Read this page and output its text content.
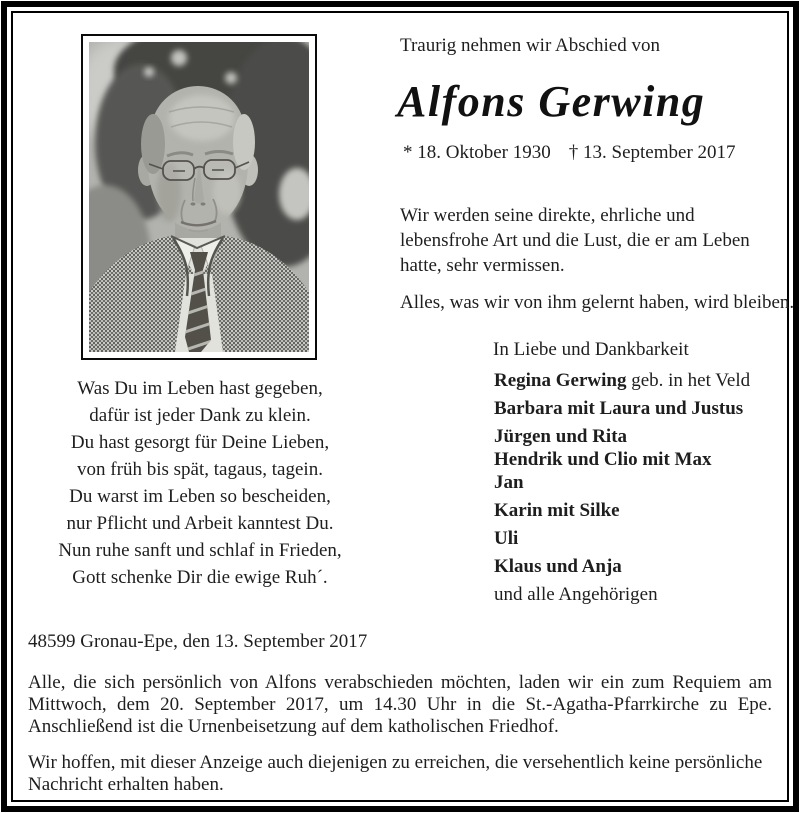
Was Du im Leben hast gegeben,
dafür ist jeder Dank zu klein.
Du hast gesorgt für Deine Lieben,
von früh bis spät, tagaus, tagein.
Du warst im Leben so bescheiden,
nur Pflicht und Arbeit kanntest Du.
Nun ruhe sanft und schlaf in Frieden,
Gott schenke Dir die ewige Ruh´.
Traurig nehmen wir Abschied von
Alfons Gerwing
* 18. Oktober 1930 † 13. September 2017
Wir werden seine direkte, ehrliche und
lebensfrohe Art und die Lust, die er am Leben
hatte, sehr vermissen.
Alles, was wir von ihm gelernt haben, wird bleiben.
In Liebe und Dankbarkeit
Regina Gerwing geb. in het Veld
Barbara mit Laura und Justus
Jürgen und Rita
Hendrik und Clio mit Max
Jan
Karin mit Silke
Uli
Klaus und Anja
und alle Angehörigen
48599 Gronau-Epe, den 13. September 2017
Alle, die sich persönlich von Alfons verabschieden möchten, laden wir ein zum Requiem am
Mittwoch, dem 20. September 2017, um 14.30 Uhr in die St.-Agatha-Pfarrkirche zu Epe.
Anschließend ist die Urnenbeisetzung auf dem katholischen Friedhof.
Wir hoffen, mit dieser Anzeige auch diejenigen zu erreichen, die versehentlich keine persönliche
Nachricht erhalten haben.
